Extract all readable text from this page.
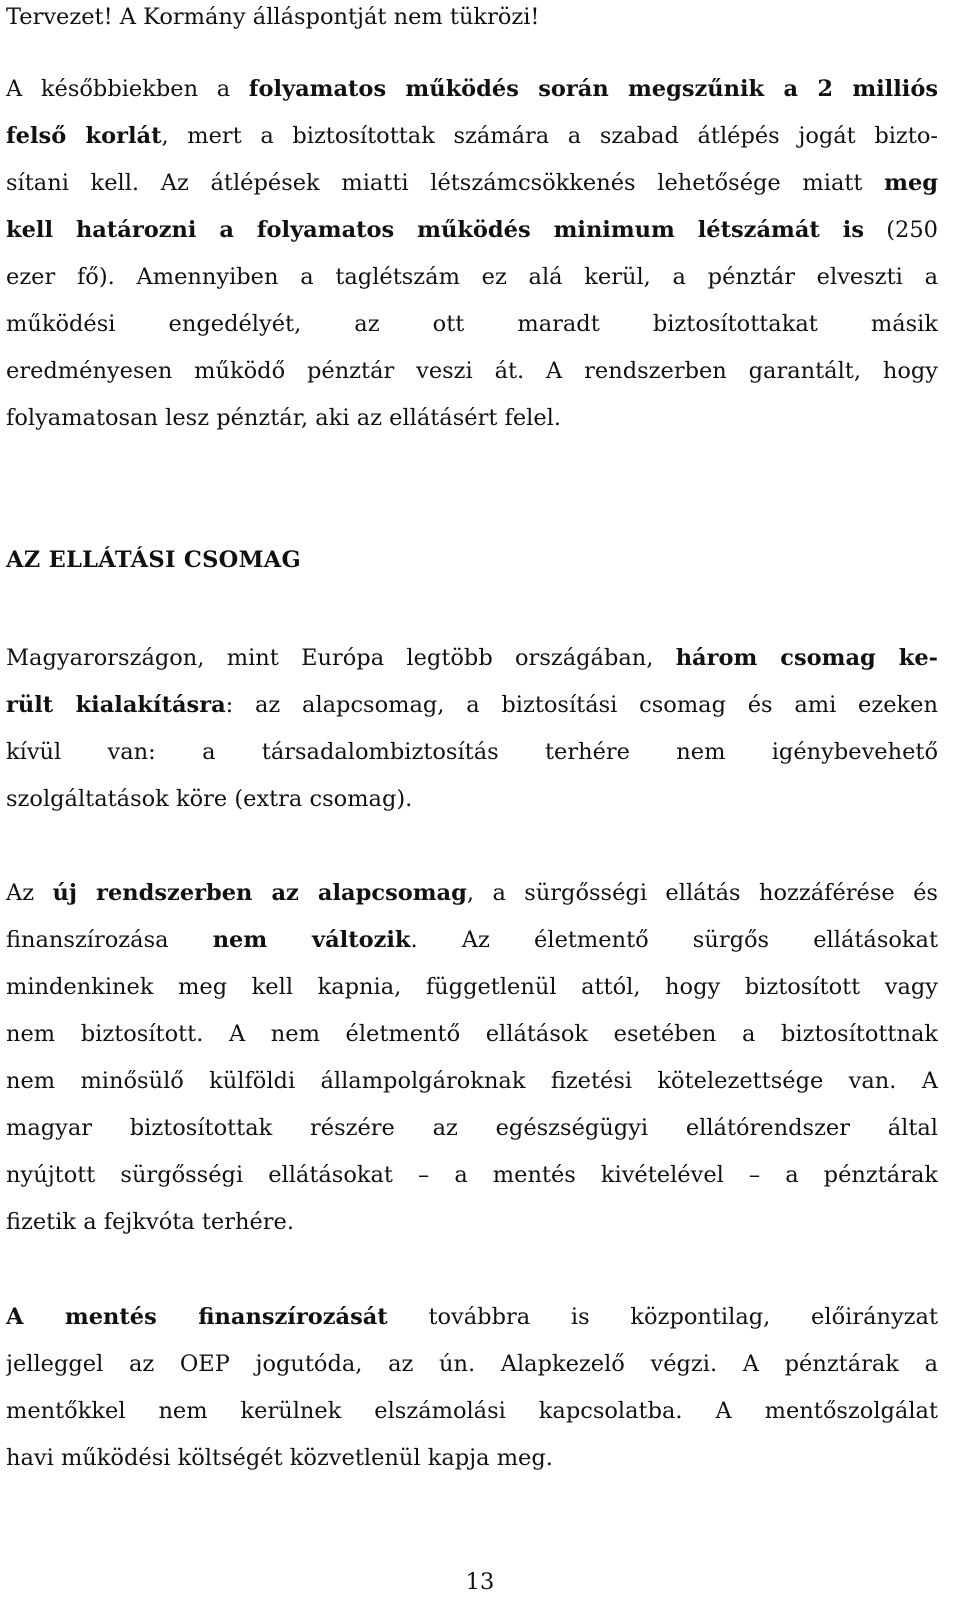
Tervezet! A Kormány álláspontját nem tükrözi!
A későbbiekben a folyamatos működés során megszűnik a 2 milliós
felső korlát, mert a biztosítottak számára a szabad átlépés jogát bizto-
sítani kell. Az átlépések miatti létszámcsökkenés lehetősége miatt meg
kell határozni a folyamatos működés minimum létszámát is (250
ezer fő). Amennyiben a taglétszám ez alá kerül, a pénztár elveszti a
működési engedélyét, az ott maradt biztosítottakat másik
eredményesen működő pénztár veszi át. A rendszerben garantált, hogy
folyamatosan lesz pénztár, aki az ellátásért felel.
AZ ELLÁTÁSI CSOMAG
Magyarországon, mint Európa legtöbb országában, három csomag ke-
rült kialakításra: az alapcsomag, a biztosítási csomag és ami ezeken
kívül van: a társadalombiztosítás terhére nem igénybevehető
szolgáltatások köre (extra csomag).
Az új rendszerben az alapcsomag, a sürgősségi ellátás hozzáférése és
finanszírozása nem változik. Az életmentő sürgős ellátásokat
mindenkinek meg kell kapnia, függetlenül attól, hogy biztosított vagy
nem biztosított. A nem életmentő ellátások esetében a biztosítottnak
nem minősülő külföldi állampolgároknak fizetési kötelezettsége van. A
magyar biztosítottak részére az egészségügyi ellátórendszer által
nyújtott sürgősségi ellátásokat – a mentés kivételével – a pénztárak
fizetik a fejkvóta terhére.
A mentés finanszírozását továbbra is központilag, előirányzat
jelleggel az OEP jogutóda, az ún. Alapkezelő végzi. A pénztárak a
mentőkkel nem kerülnek elszámolási kapcsolatba. A mentőszolgálat
havi működési költségét közvetlenül kapja meg.
13
